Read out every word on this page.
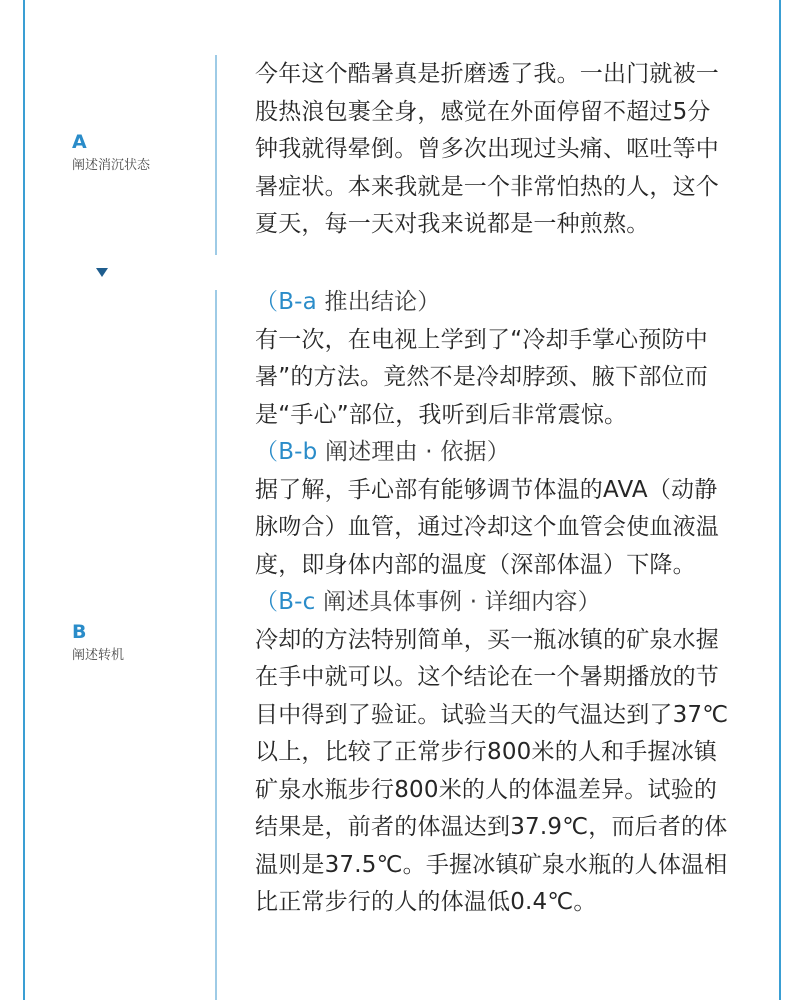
A
阐述消沉状态
今年这个酷暑真是折磨透了我。一出门就被一
股热浪包裹全身，感觉在外面停留不超过5分
钟我就得晕倒。曾多次出现过头痛、呕吐等中
暑症状。本来我就是一个非常怕热的人，这个
夏天，每一天对我来说都是一种煎熬。
B
阐述转机
（B-a 推出结论）
有一次，在电视上学到了“冷却手掌心预防中
暑”的方法。竟然不是冷却脖颈、腋下部位而
是“手心”部位，我听到后非常震惊。
（B-b 阐述理由 · 依据）
据了解，手心部有能够调节体温的AVA（动静
脉吻合）血管，通过冷却这个血管会使血液温
度，即身体内部的温度（深部体温）下降。
（B-c 阐述具体事例 · 详细内容）
冷却的方法特别简单，买一瓶冰镇的矿泉水握
在手中就可以。这个结论在一个暑期播放的节
目中得到了验证。试验当天的气温达到了37℃
以上，比较了正常步行800米的人和手握冰镇
矿泉水瓶步行800米的人的体温差异。试验的
结果是，前者的体温达到37.9℃，而后者的体
温则是37.5℃。手握冰镇矿泉水瓶的人体温相
比正常步行的人的体温低0.4℃。
